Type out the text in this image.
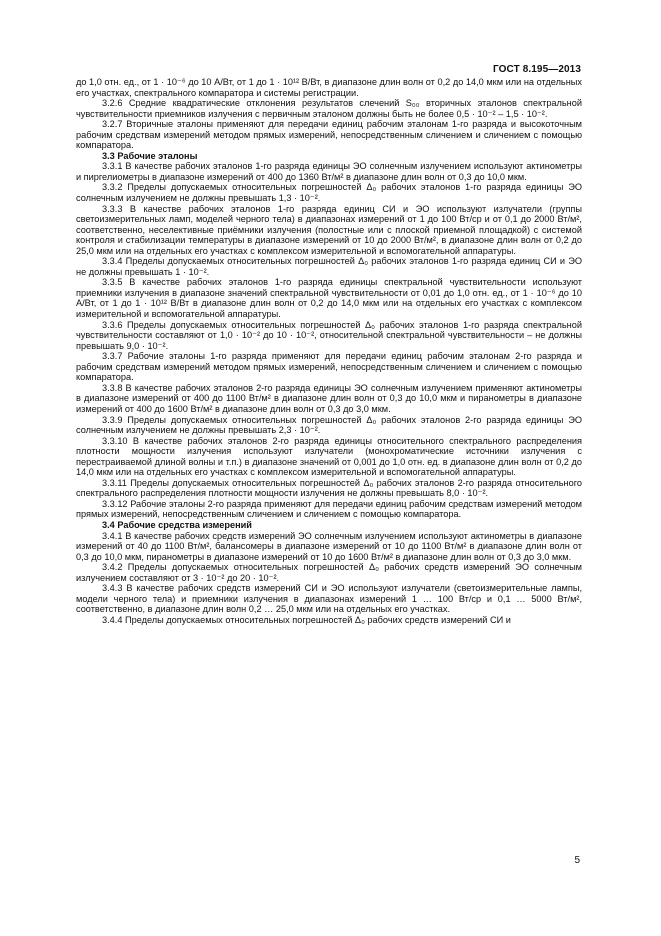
ГОСТ 8.195—2013

до 1,0 отн. ед., от 1 · 10⁻⁶ до 10 А/Вт, от 1 до 1 · 10¹² В/Вт, в диапазоне длин волн от 0,2 до 14,0 мкм или на отдельных его участках, спектрального компаратора и системы регистрации.

3.2.6 Средние квадратические отклонения результатов слечений S₀₀ вторичных эталонов спектральной чувствительности приемников излучения с первичным эталоном должны быть не более 0,5 · 10⁻² – 1,5 · 10⁻².

3.2.7 Вторичные эталоны применяют для передачи единиц рабочим эталонам 1-го разряда и высокоточным рабочим средствам измерений методом прямых измерений, непосредственным сличением и сличением с помощью компаратора.

3.3 Рабочие эталоны

3.3.1 В качестве рабочих эталонов 1-го разряда единицы ЭО солнечным излучением используют актинометры и пиргелиометры в диапазоне измерений от 400 до 1360 Вт/м² в диапазоне длин волн от 0,3 до 10,0 мкм.

3.3.2 Пределы допускаемых относительных погрешностей Δ₀ рабочих эталонов 1-го разряда единицы ЭО солнечным излучением не должны превышать 1,3 · 10⁻².

3.3.3 В качестве рабочих эталонов 1-го разряда единиц СИ и ЭО используют излучатели (группы светоизмерительных ламп, моделей черного тела) в диапазонах измерений от 1 до 100 Вт/ср и от 0,1 до 2000 Вт/м², соответственно, неселективные приёмники излучения (полостные или с плоской приемной площадкой) с системой контроля и стабилизации температуры в диапазоне измерений от 10 до 2000 Вт/м², в диапазоне длин волн от 0,2 до 25,0 мкм или на отдельных его участках с комплексом измерительной и вспомогательной аппаратуры.

3.3.4 Пределы допускаемых относительных погрешностей Δ₀ рабочих эталонов 1-го разряда единиц СИ и ЭО не должны превышать 1 · 10⁻².

3.3.5 В качестве рабочих эталонов 1-го разряда единицы спектральной чувствительности используют приемники излучения в диапазоне значений спектральной чувствительности от 0,01 до 1,0 отн. ед., от 1 · 10⁻⁶ до 10 А/Вт, от 1 до 1 · 10¹² В/Вт в диапазоне длин волн от 0,2 до 14,0 мкм или на отдельных его участках с комплексом измерительной и вспомогательной аппаратуры.

3.3.6 Пределы допускаемых относительных погрешностей Δ₀ рабочих эталонов 1-го разряда спектральной чувствительности составляют от 1,0 · 10⁻² до 10 · 10⁻², относительной спектральной чувствительности – не должны превышать 9,0 · 10⁻².

3.3.7 Рабочие эталоны 1-го разряда применяют для передачи единиц рабочим эталонам 2-го разряда и рабочим средствам измерений методом прямых измерений, непосредственным сличением и сличением с помощью компаратора.

3.3.8 В качестве рабочих эталонов 2-го разряда единицы ЭО солнечным излучением применяют актинометры в диапазоне измерений от 400 до 1100 Вт/м² в диапазоне длин волн от 0,3 до 10,0 мкм и пиранометры в диапазоне измерений от 400 до 1600 Вт/м² в диапазоне длин волн от 0,3 до 3,0 мкм.

3.3.9 Пределы допускаемых относительных погрешностей Δ₀ рабочих эталонов 2-го разряда единицы ЭО солнечным излучением не должны превышать 2,3 · 10⁻².

3.3.10 В качестве рабочих эталонов 2-го разряда единицы относительного спектрального распределения плотности мощности излучения используют излучатели (монохроматические источники излучения с перестраиваемой длиной волны и т.п.) в диапазоне значений от 0,001 до 1,0 отн. ед. в диапазоне длин волн от 0,2 до 14,0 мкм или на отдельных его участках с комплексом измерительной и вспомогательной аппаратуры.

3.3.11 Пределы допускаемых относительных погрешностей Δ₀ рабочих эталонов 2-го разряда относительного спектрального распределения плотности мощности излучения не должны превышать 8,0 · 10⁻².

3.3.12 Рабочие эталоны 2-го разряда применяют для передачи единиц рабочим средствам измерений методом прямых измерений, непосредственным сличением и сличением с помощью компаратора.

3.4 Рабочие средства измерений

3.4.1 В качестве рабочих средств измерений ЭО солнечным излучением используют актинометры в диапазоне измерений от 40 до 1100 Вт/м², балансомеры в диапазоне измерений от 10 до 1100 Вт/м² в диапазоне длин волн от 0,3 до 10,0 мкм, пиранометры в диапазоне измерений от 10 до 1600 Вт/м² в диапазоне длин волн от 0,3 до 3,0 мкм.

3.4.2 Пределы допускаемых относительных погрешностей Δ₀ рабочих средств измерений ЭО солнечным излучением составляют от 3 · 10⁻² до 20 · 10⁻².

3.4.3 В качестве рабочих средств измерений СИ и ЭО используют излучатели (светоизмерительные лампы, модели черного тела) и приемники излучения в диапазонах измерений 1 … 100 Вт/ср и 0,1 … 5000 Вт/м², соответственно, в диапазоне длин волн 0,2 … 25,0 мкм или на отдельных его участках.

3.4.4 Пределы допускаемых относительных погрешностей Δ₀ рабочих средств измерений СИ и

5
